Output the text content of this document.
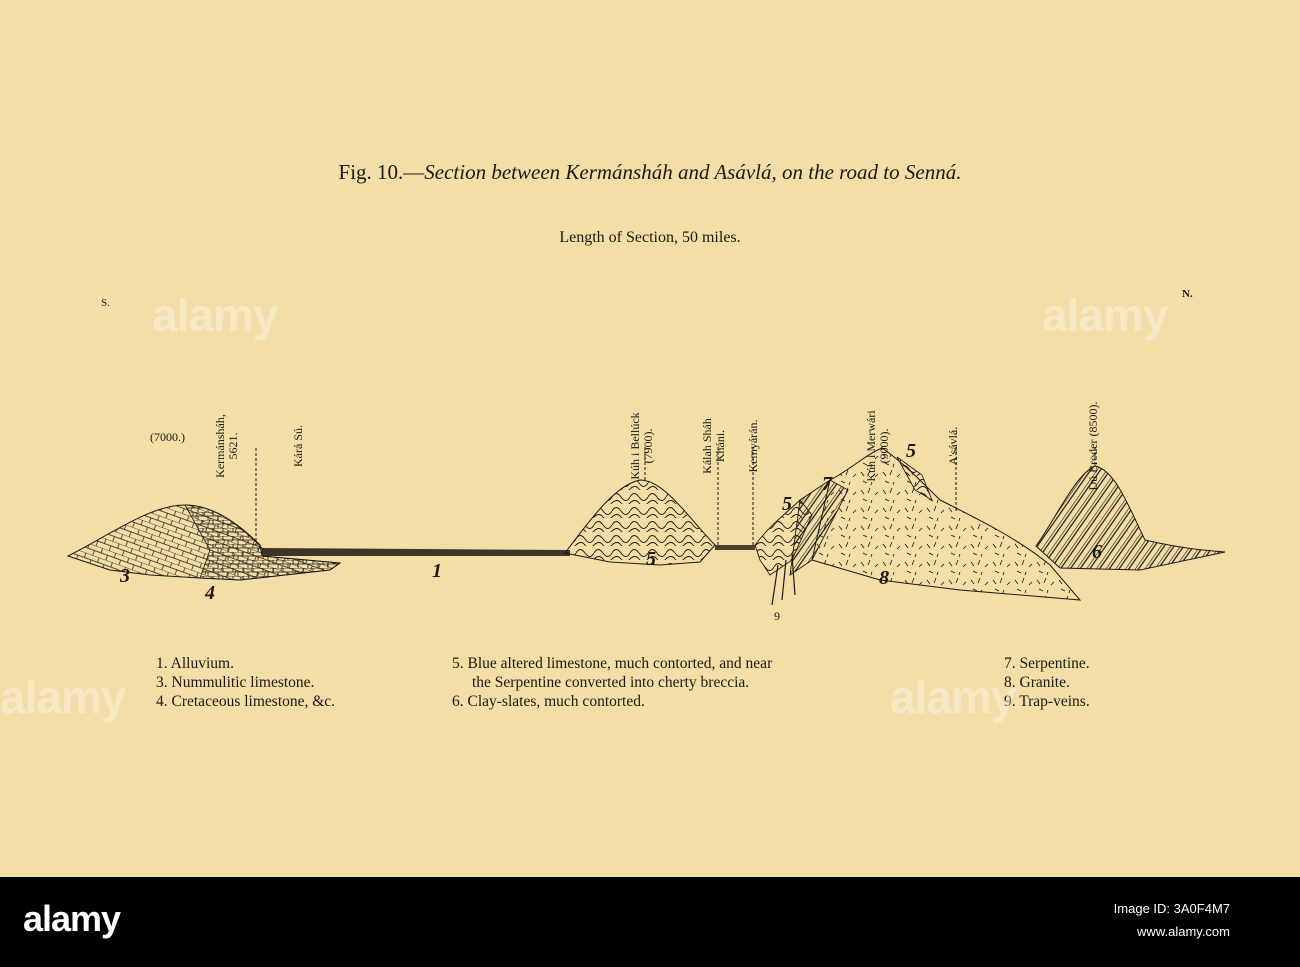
Fig. 10.—Section between Kermánsháh and Asávlá, on the road to Senná.
Length of Section, 50 miles.
S.
N.
(7000.) Kermánsháh,
5621.	Kárá Sú.	Kúh i Bellúck
(7900).	Kálah Sháh
Kháni. Kemyárán.	Kúh i Merwári
(9000).	A'sávlá.	Dú Broder (8500).
3
4
1
5
5
7
5
8
6
9
1. Alluvium.
3. Nummulitic limestone.
4. Cretaceous limestone, &c.
5. Blue altered limestone, much contorted, and near
the Serpentine converted into cherty breccia.
6. Clay-slates, much contorted.
7. Serpentine.
8. Granite.
9. Trap-veins.
alamy	alamy
alamy	alamy
alamy	Image ID: 3A0F4M7
www.alamy.com
